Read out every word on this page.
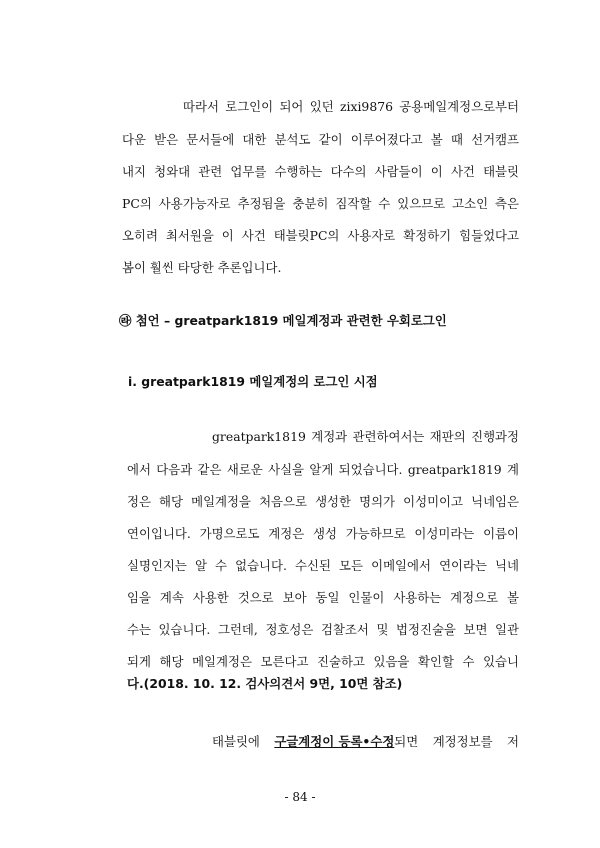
따라서 로그인이 되어 있던 zixi9876 공용메일계정으로부터
다운 받은 문서들에 대한 분석도 같이 이루어졌다고 볼 때 선거캠프
내지 청와대 관련 업무를 수행하는 다수의 사람들이 이 사건 태블릿
PC의 사용가능자로 추정됨을 충분히 짐작할 수 있으므로 고소인 측은
오히려 최서원을 이 사건 태블릿PC의 사용자로 확정하기 힘들었다고
봄이 훨씬 타당한 추론입니다.
㉱ 첨언 – greatpark1819 메일계정과 관련한 우회로그인
ⅰ. greatpark1819 메일계정의 로그인 시점
greatpark1819 계정과 관련하여서는 재판의 진행과정
에서 다음과 같은 새로운 사실을 알게 되었습니다. greatpark1819 계
정은 해당 메일계정을 처음으로 생성한 명의가 이성미이고 닉네임은
연이입니다. 가명으로도 계정은 생성 가능하므로 이성미라는 이름이
실명인지는 알 수 없습니다. 수신된 모든 이메일에서 연이라는 닉네
임을 계속 사용한 것으로 보아 동일 인물이 사용하는 계정으로 볼
수는 있습니다. 그런데, 정호성은 검찰조서 및 법정진술을 보면 일관
되게 해당 메일계정은 모른다고 진술하고 있음을 확인할 수 있습니
다.(2018. 10. 12. 검사의견서 9면, 10면 참조)
태블릿에 구글계정이 등록•수정되면 계정정보를 저
- 84 -
